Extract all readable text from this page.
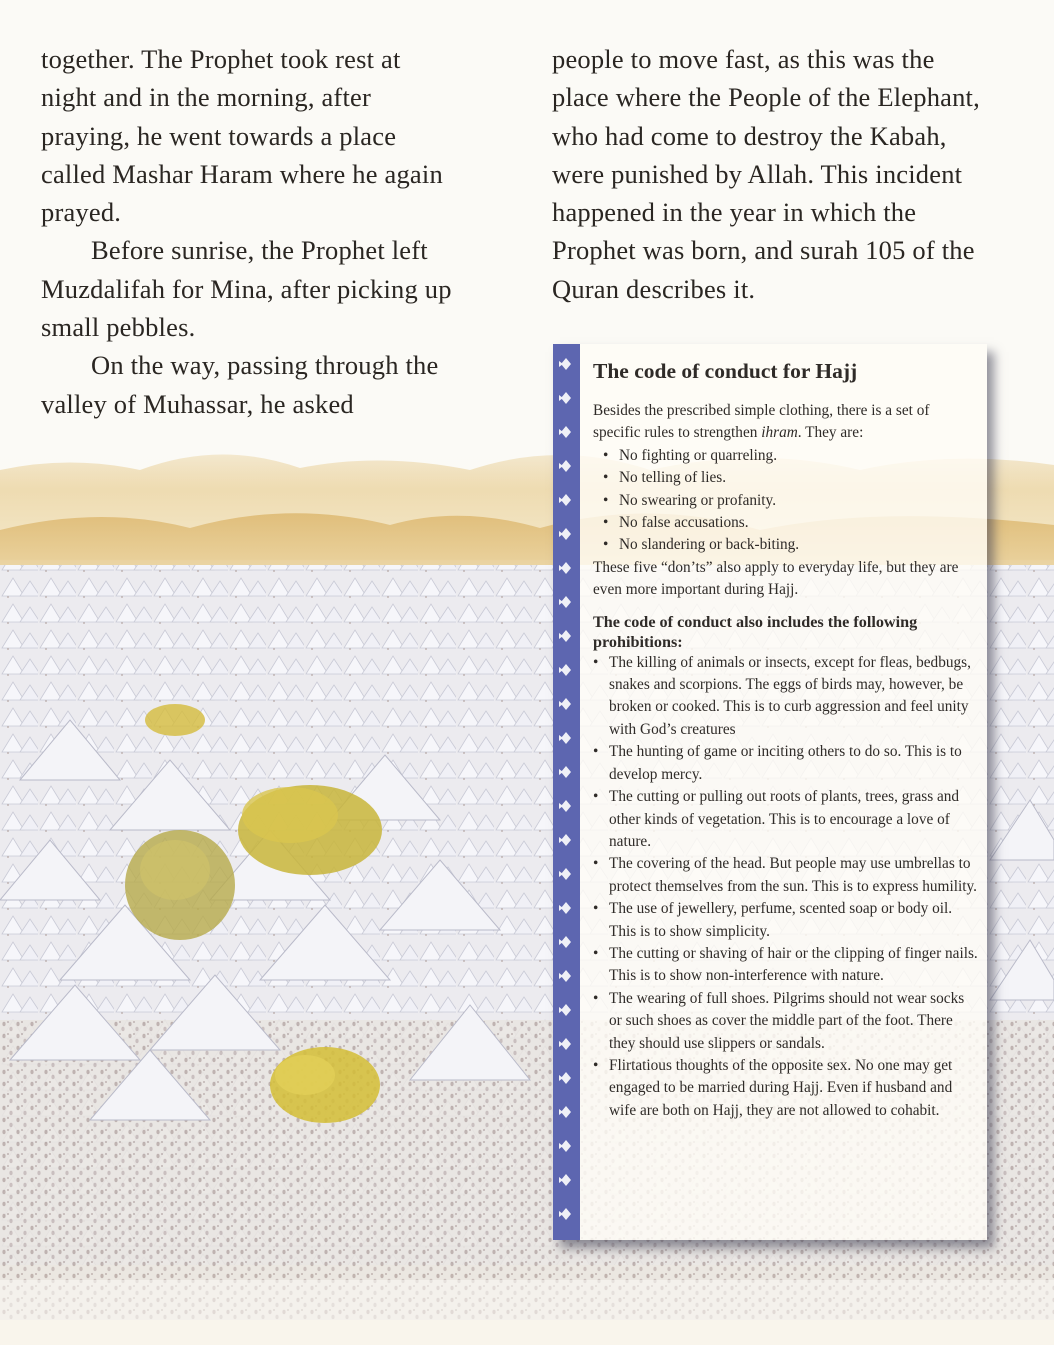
together. The Prophet took rest at night and in the morning, after praying, he went towards a place called Mashar Haram where he again prayed.

Before sunrise, the Prophet left Muzdalifah for Mina, after picking up small pebbles.

On the way, passing through the valley of Muhassar, he asked

people to move fast, as this was the place where the People of the Elephant, who had come to destroy the Kabah, were punished by Allah. This incident happened in the year in which the Prophet was born, and surah 105 of the Quran describes it.

The code of conduct for Hajj

Besides the prescribed simple clothing, there is a set of specific rules to strengthen ihram. They are:

• No fighting or quarreling.
• No telling of lies.
• No swearing or profanity.
• No false accusations.
• No slandering or back-biting.

These five “don’ts” also apply to everyday life, but they are even more important during Hajj.

The code of conduct also includes the following prohibitions:
• The killing of animals or insects, except for fleas, bedbugs, snakes and scorpions. The eggs of birds may, however, be broken or cooked. This is to curb aggression and feel unity with God’s creatures
• The hunting of game or inciting others to do so. This is to develop mercy.
• The cutting or pulling out roots of plants, trees, grass and other kinds of vegetation. This is to encourage a love of nature.
• The covering of the head. But people may use umbrellas to protect themselves from the sun. This is to express humility.
• The use of jewellery, perfume, scented soap or body oil. This is to show simplicity.
• The cutting or shaving of hair or the clipping of finger nails. This is to show non-interference with nature.
• The wearing of full shoes. Pilgrims should not wear socks or such shoes as cover the middle part of the foot. There they should use slippers or sandals.
• Flirtatious thoughts of the opposite sex. No one may get engaged to be married during Hajj. Even if husband and wife are both on Hajj, they are not allowed to cohabit.
